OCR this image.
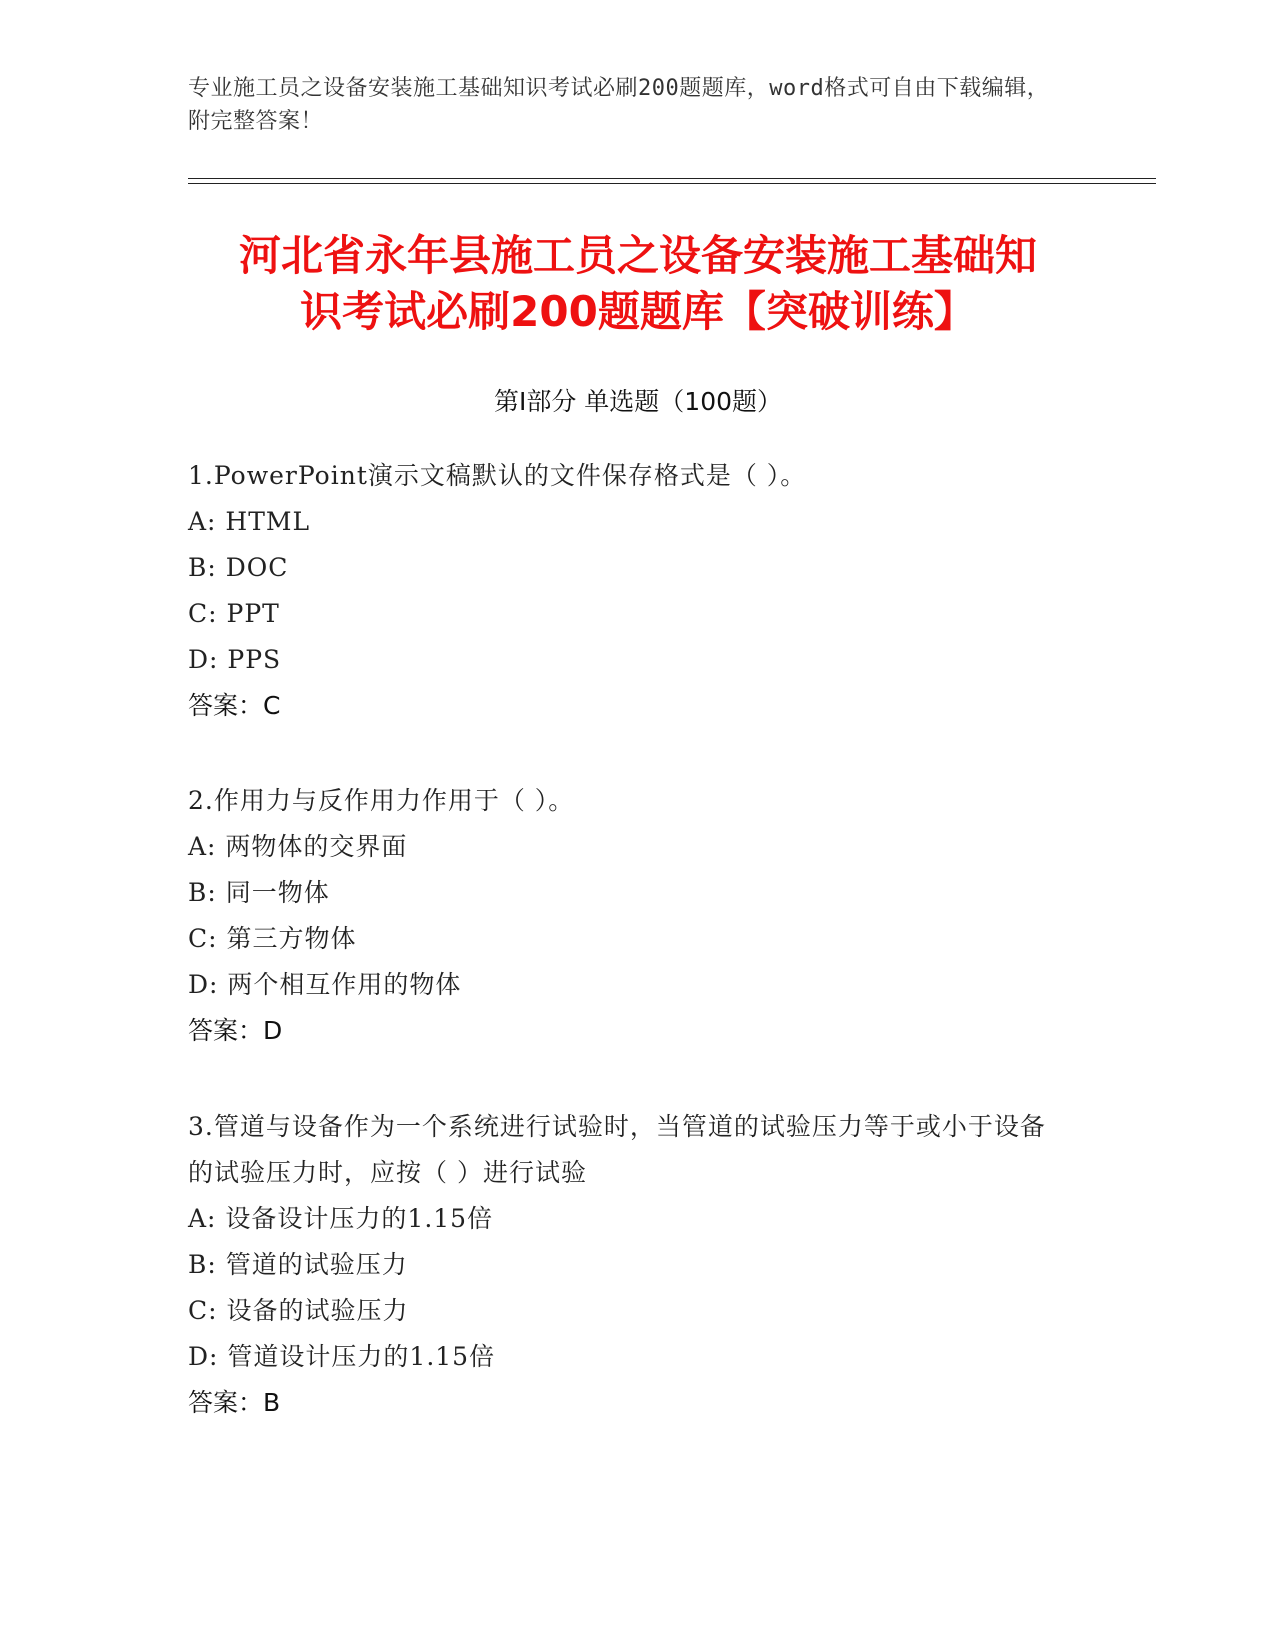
专业施工员之设备安装施工基础知识考试必刷200题题库，word格式可自由下载编辑，附完整答案！
河北省永年县施工员之设备安装施工基础知
识考试必刷200题题库【突破训练】
第Ⅰ部分 单选题（100题）
1.PowerPoint演示文稿默认的文件保存格式是（ ）。
A: HTML
B: DOC
C: PPT
D: PPS
答案：C
2.作用力与反作用力作用于（ ）。
A: 两物体的交界面
B: 同一物体
C: 第三方物体
D: 两个相互作用的物体
答案：D
3.管道与设备作为一个系统进行试验时，当管道的试验压力等于或小于设备的试验压力时，应按（ ）进行试验
A: 设备设计压力的1.15倍
B: 管道的试验压力
C: 设备的试验压力
D: 管道设计压力的1.15倍
答案：B
